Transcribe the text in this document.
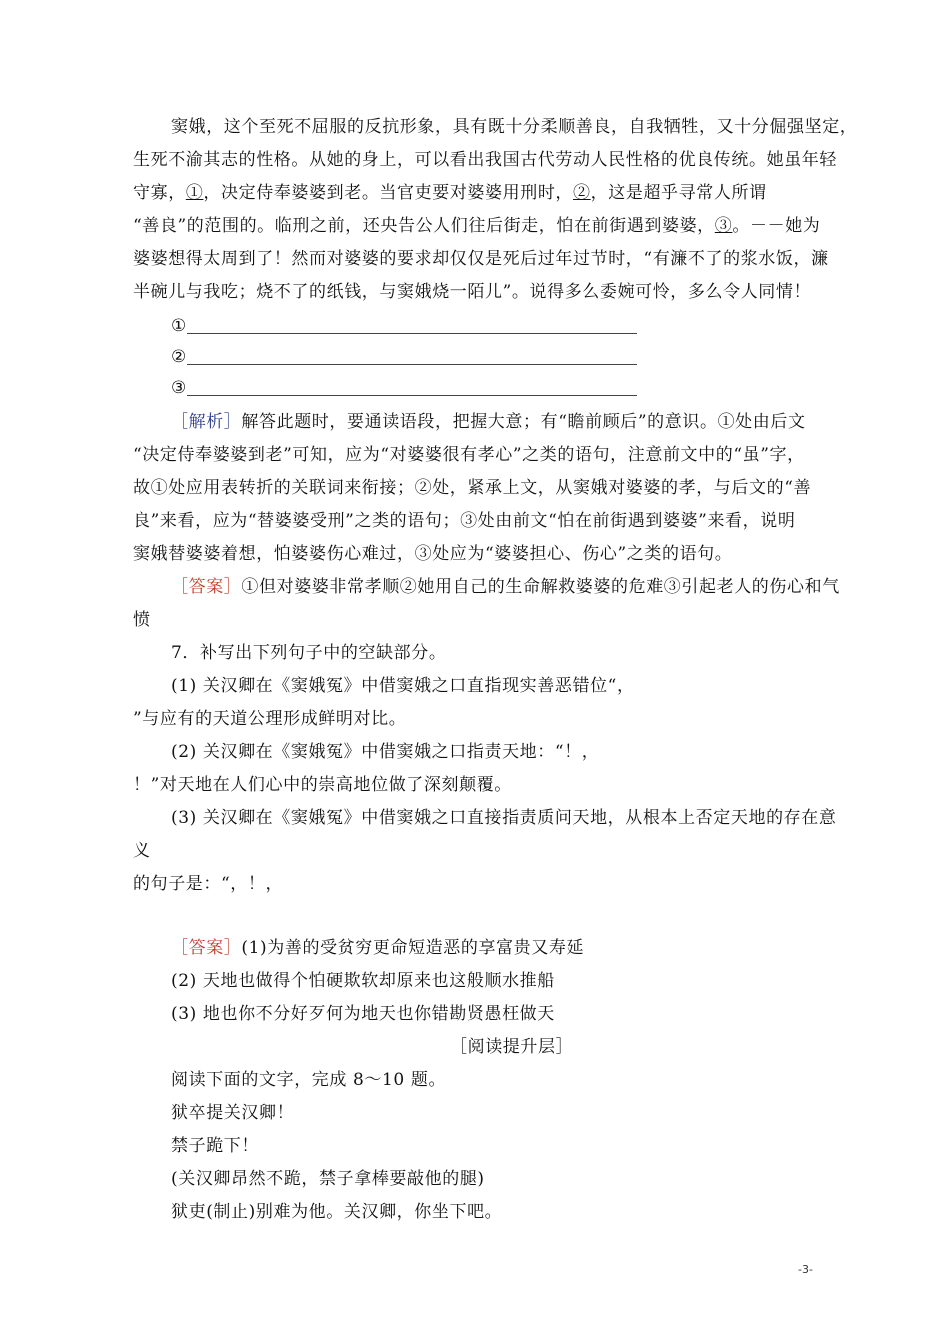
窦娥，这个至死不屈服的反抗形象，具有既十分柔顺善良，自我牺牲，又十分倔强坚定，
生死不渝其志的性格。从她的身上，可以看出我国古代劳动人民性格的优良传统。她虽年轻
守寡，①，决定侍奉婆婆到老。当官吏要对婆婆用刑时，②，这是超乎寻常人所谓
“善良”的范围的。临刑之前，还央告公人们往后街走，怕在前街遇到婆婆，③。－－她为
婆婆想得太周到了！然而对婆婆的要求却仅仅是死后过年过节时，“有濂不了的浆水饭，濂
半碗儿与我吃；烧不了的纸钱，与窦娥烧一陌儿”。说得多么委婉可怜，多么令人同情！
①
②
③
［解析］解答此题时，要通读语段，把握大意；有“瞻前顾后”的意识。①处由后文
“决定侍奉婆婆到老”可知，应为“对婆婆很有孝心”之类的语句，注意前文中的“虽”字，
故①处应用表转折的关联词来衔接；②处，紧承上文，从窦娥对婆婆的孝，与后文的“善
良”来看，应为“替婆婆受刑”之类的语句；③处由前文“怕在前街遇到婆婆”来看，说明
窦娥替婆婆着想，怕婆婆伤心难过，③处应为“婆婆担心、伤心”之类的语句。
［答案］①但对婆婆非常孝顺②她用自己的生命解救婆婆的危难③引起老人的伤心和气
愤
7．补写出下列句子中的空缺部分。
(1) 关汉卿在《窦娥冤》中借窦娥之口直指现实善恶错位“，
”与应有的天道公理形成鲜明对比。
(2) 关汉卿在《窦娥冤》中借窦娥之口指责天地：“！，
！”对天地在人们心中的崇高地位做了深刻颠覆。
(3) 关汉卿在《窦娥冤》中借窦娥之口直接指责质问天地，从根本上否定天地的存在意
义
的句子是：“，！，
［答案］(1)为善的受贫穷更命短造恶的享富贵又寿延
(2) 天地也做得个怕硬欺软却原来也这般顺水推船
(3) 地也你不分好歹何为地天也你错勘贤愚枉做天
［阅读提升层］
阅读下面的文字，完成 8～10 题。
狱卒提关汉卿！
禁子跪下！
(关汉卿昂然不跪，禁子拿棒要敲他的腿)
狱吏(制止)别难为他。关汉卿，你坐下吧。
-3-
